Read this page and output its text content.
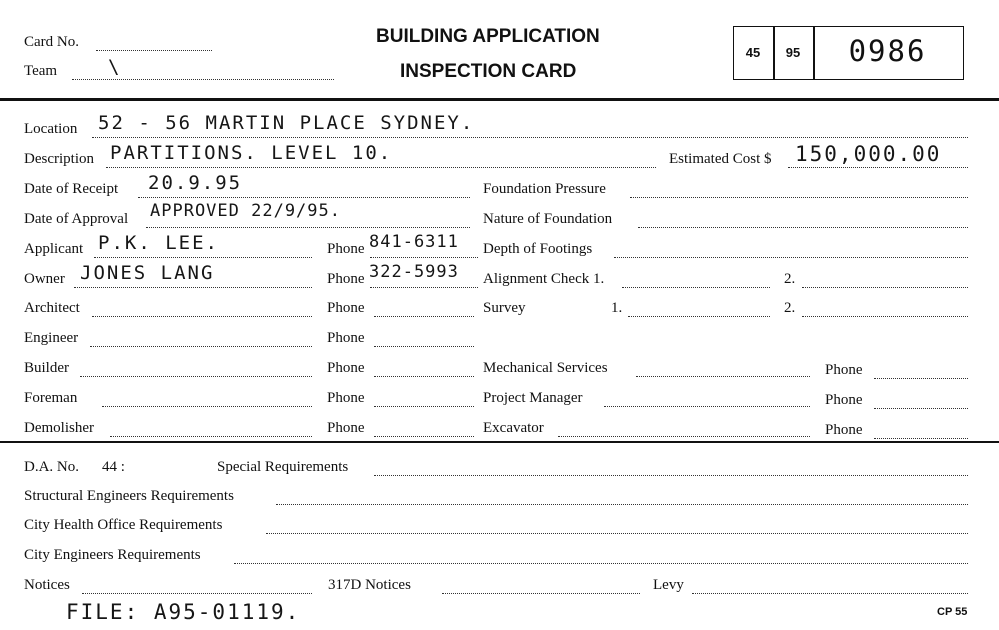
Card No.
Team	\
BUILDING APPLICATION
INSPECTION CARD
45	95	0986
Location 52 - 56 MARTIN PLACE SYDNEY.
Description PARTITIONS. LEVEL 10.	Estimated Cost $ 150,000.00
Date of Receipt 20.9.95	Foundation Pressure
Date of Approval APPROVED 22/9/95.	Nature of Foundation
Applicant P.K. LEE.	Phone 841-6311 Depth of Footings
Owner JONES LANG	Phone 322-5993 Alignment Check 1.	2.
Architect	Phone	Survey	1.	2.
Engineer	Phone
Builder	Phone	Mechanical Services	Phone
Foreman	Phone	Project Manager	Phone
Demolisher	Phone	Excavator	Phone
D.A. No. 44 :	Special Requirements
Structural Engineers Requirements
City Health Office Requirements
City Engineers Requirements
Notices	317D Notices	Levy
FILE: A95-01119.	CP 55
